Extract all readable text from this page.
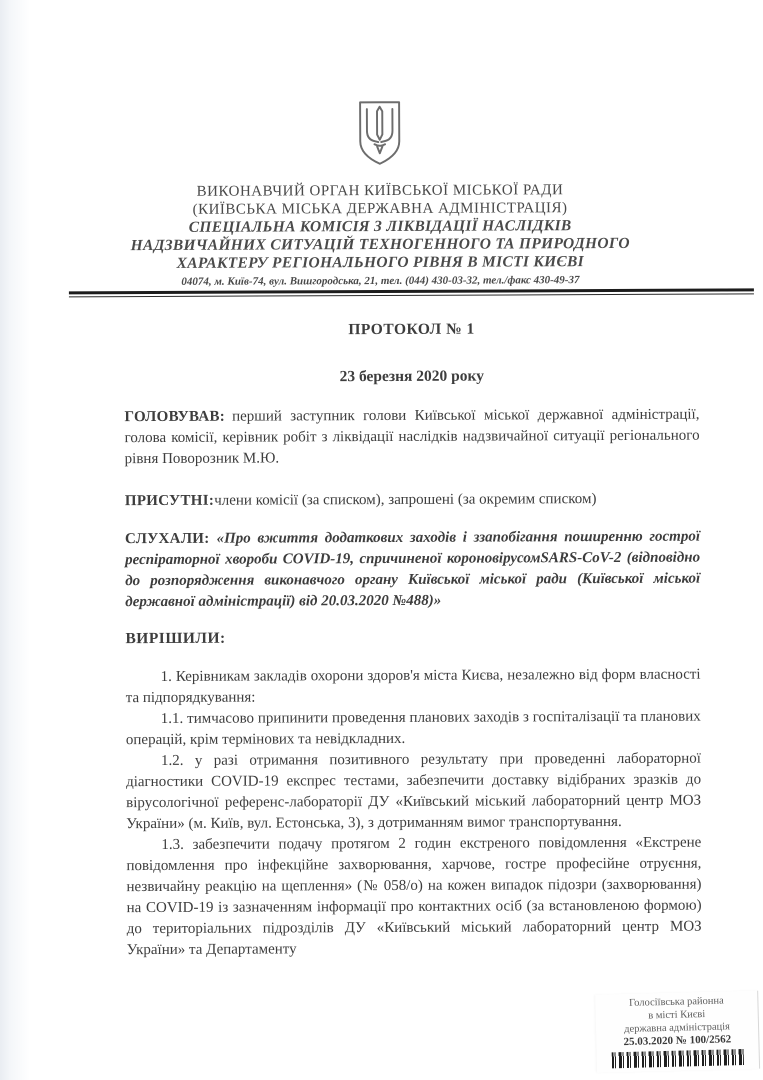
ВИКОНАВЧИЙ ОРГАН КИЇВСЬКОЇ МІСЬКОЇ РАДИ
(КИЇВСЬКА МІСЬКА ДЕРЖАВНА АДМІНІСТРАЦІЯ)
СПЕЦІАЛЬНА КОМІСІЯ З ЛІКВІДАЦІЇ НАСЛІДКІВ
НАДЗВИЧАЙНИХ СИТУАЦІЙ ТЕХНОГЕННОГО ТА ПРИРОДНОГО
ХАРАКТЕРУ РЕГІОНАЛЬНОГО РІВНЯ В МІСТІ КИЄВІ
04074, м. Київ-74, вул. Вишгородська, 21, тел. (044) 430-03-32, тел./факс 430-49-37
ПРОТОКОЛ № 1
23 березня 2020 року

ГОЛОВУВАВ: перший заступник голови Київської міської державної адміністрації, голова комісії, керівник робіт з ліквідації наслідків надзвичайної ситуації регіонального рівня Поворозник М.Ю.

ПРИСУТНІ:члени комісії (за списком), запрошені (за окремим списком)

СЛУХАЛИ: «Про вжиття додаткових заходів і ззапобігання поширенню гострої респіраторної хвороби COVID-19, спричиненої короновірусомSARS-CoV-2 (відповідно до розпорядження виконавчого органу Київської міської ради (Київської міської державної адміністрації) від 20.03.2020 №488)»

ВИРІШИЛИ:

1. Керівникам закладів охорони здоров'я міста Києва, незалежно від форм власності та підпорядкування:

1.1. тимчасово припинити проведення планових заходів з госпіталізації та планових операцій, крім термінових та невідкладних.

1.2. у разі отримання позитивного результату при проведенні лабораторної діагностики COVID-19 експрес тестами, забезпечити доставку відібраних зразків до вірусологічної референс-лабораторії ДУ «Київський міський лабораторний центр МОЗ України» (м. Київ, вул. Естонська, 3), з дотриманням вимог транспортування.

1.3. забезпечити подачу протягом 2 годин екстреного повідомлення «Екстрене повідомлення про інфекційне захворювання, харчове, гостре професійне отруєння, незвичайну реакцію на щеплення» (№ 058/о) на кожен випадок підозри (захворювання) на COVID-19 із зазначенням інформації про контактних осіб (за встановленою формою) до територіальних підрозділів ДУ «Київський міський лабораторний центр МОЗ України» та Департаменту

Голосіївська районна
в місті Києві
державна адміністрація
25.03.2020 № 100/2562
